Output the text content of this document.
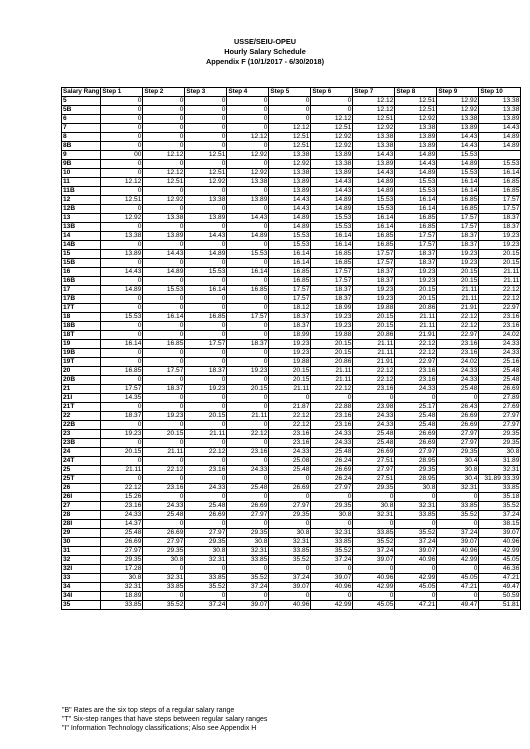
USSE/SEIU-OPEU
Hourly Salary Schedule
Appendix F (10/1/2017 - 6/30/2018)
Salary Rang	Step 1	Step 2	Step 3	Step 4	Step 5	Step 6	Step 7	Step 8	Step 9	Step 10
5	0	0	0	0	0	0	12.12	12.51	12.92	13.38
5B	0	0	0	0	0	0	12.12	12.51	12.92	13.38
6	0	0	0	0	0	12.12	12.51	12.92	13.38	13.89
7	0	0	0	0	12.12	12.51	12.92	13.38	13.89	14.43
8	0	0	0	12.12	12.51	12.92	13.38	13.89	14.43	14.89
8B	0	0	0	0	12.51	12.92	13.38	13.89	14.43	14.89
9	00	12.12	12.51	12.92	13.38	13.89	14.43	14.89	15.53	
9B	0	0	0	0	12.92	13.38	13.89	14.43	14.89	15.53
10	0	12.12	12.51	12.92	13.38	13.89	14.43	14.89	15.53	16.14
11	12.12	12.51	12.92	13.38	13.89	14.43	14.89	15.53	16.14	16.85
11B	0	0	0	0	13.89	14.43	14.89	15.53	16.14	16.85
12	12.51	12.92	13.38	13.89	14.43	14.89	15.53	16.14	16.85	17.57
12B	0	0	0	0	14.43	14.89	15.53	16.14	16.85	17.57
13	12.92	13.38	13.89	14.43	14.89	15.53	16.14	16.85	17.57	18.37
13B	0	0	0	0	14.89	15.53	16.14	16.85	17.57	18.37
14	13.38	13.89	14.43	14.89	15.53	16.14	16.85	17.57	18.37	19.23
14B	0	0	0	0	15.53	16.14	16.85	17.57	18.37	19.23
15	13.89	14.43	14.89	15.53	16.14	16.85	17.57	18.37	19.23	20.15
15B	0	0	0	0	16.14	16.85	17.57	18.37	19.23	20.15
16	14.43	14.89	15.53	16.14	16.85	17.57	18.37	19.23	20.15	21.11
16B	0	0	0	0	16.85	17.57	18.37	19.23	20.15	21.11
17	14.89	15.53	16.14	16.85	17.57	18.37	19.23	20.15	21.11	22.12
17B	0	0	0	0	17.57	18.37	19.23	20.15	21.11	22.12
17T	0	0	0	0	18.12	18.99	19.88	20.86	21.91	22.97
18	15.53	16.14	16.85	17.57	18.37	19.23	20.15	21.11	22.12	23.16
18B	0	0	0	0	18.37	19.23	20.15	21.11	22.12	23.16
18T	0	0	0	0	18.99	19.88	20.86	21.91	22.97	24.02
19	16.14	16.85	17.57	18.37	19.23	20.15	21.11	22.12	23.16	24.33
19B	0	0	0	0	19.23	20.15	21.11	22.12	23.16	24.33
19T	0	0	0	0	19.88	20.86	21.91	22.97	24.02	25.16
20	16.85	17.57	18.37	19.23	20.15	21.11	22.12	23.16	24.33	25.48
20B	0	0	0	0	20.15	21.11	22.12	23.16	24.33	25.48
21	17.57	18.37	19.23	20.15	21.11	22.12	23.16	24.33	25.48	26.69
21I	14.35	0	0	0	0	0	0	0	0	27.89
21T	0	0	0	0	21.87	22.88	23.98	25.17	26.43	27.69
22	18.37	19.23	20.15	21.11	22.12	23.16	24.33	25.48	26.69	27.97
22B	0	0	0	0	22.12	23.16	24.33	25.48	26.69	27.97
23	19.23	20.15	21.11	22.12	23.16	24.33	25.48	26.69	27.97	29.35
23B	0	0	0	0	23.16	24.33	25.48	26.69	27.97	29.35
24	20.15	21.11	22.12	23.16	24.33	25.48	26.69	27.97	29.35	30.8
24T	0	0	0	0	25.08	26.24	27.51	28.95	30.4	31.89
25	21.11	22.12	23.16	24.33	25.48	26.69	27.97	29.35	30.8	32.31
25T	0	0	0	0	0	26.24	27.51	28.95	30.4	31.89 33.39
26	22.12	23.16	24.33	25.48	26.69	27.97	29.35	30.8	32.31	33.85
26I	15.26	0	0	0	0	0	0	0	0	35.18
27	23.16	24.33	25.48	26.69	27.97	29.35	30.8	32.31	33.85	35.52
28	24.33	25.48	26.69	27.97	29.35	30.8	32.31	33.85	35.52	37.24
28I	14.37	0	0	0	0	0	0	0	0	38.15
29	25.48	26.69	27.97	29.35	30.8	32.31	33.85	35.52	37.24	39.07
30	26.69	27.97	29.35	30.8	32.31	33.85	35.52	37.24	39.07	40.96
31	27.97	29.35	30.8	32.31	33.85	35.52	37.24	39.07	40.96	42.99
32	29.35	30.8	32.31	33.85	35.52	37.24	39.07	40.96	42.99	45.05
32I	17.28	0	0	0	0	0	0	0	0	46.36
33	30.8	32.31	33.85	35.52	37.24	39.07	40.96	42.99	45.05	47.21
34	32.31	33.85	35.52	37.24	39.07	40.96	42.99	45.05	47.21	49.47
34I	18.89	0	0	0	0	0	0	0	0	50.59
35	33.85	35.52	37.24	39.07	40.96	42.99	45.05	47.21	49.47	51.81
"B" Rates are the six top steps of a regular salary range
"T" Six-step ranges that have steps between regular salary ranges
"I" Information Technology classifications; Also see Appendix H
